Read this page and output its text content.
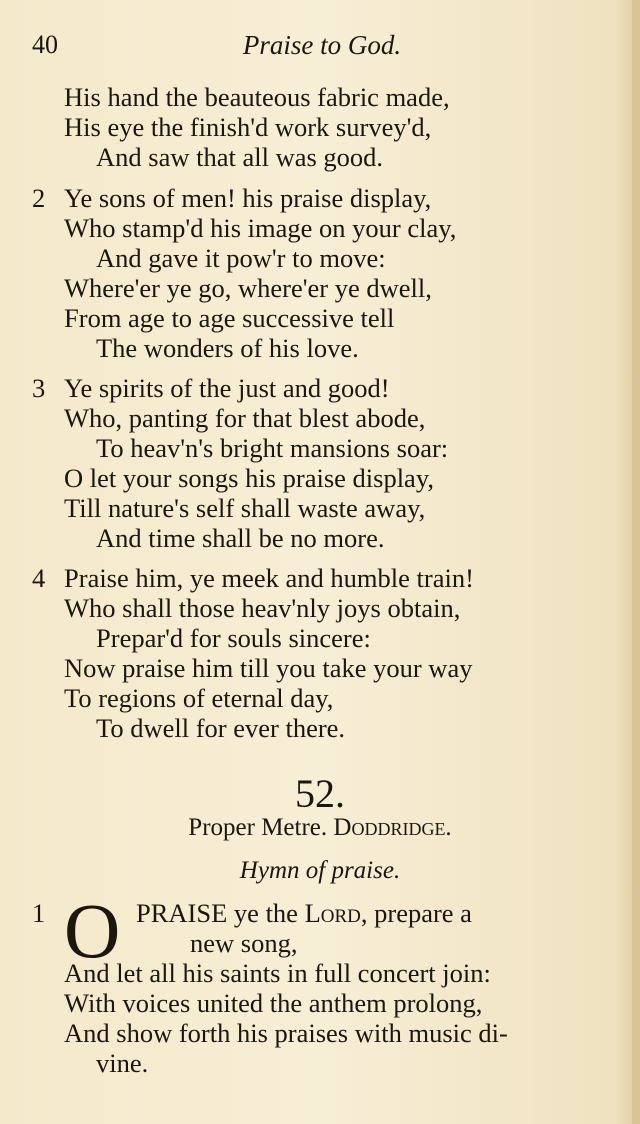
40	Praise to God.
His hand the beauteous fabric made,
His eye the finish'd work survey'd,
And saw that all was good.
2 Ye sons of men! his praise display,
Who stamp'd his image on your clay,
And gave it pow'r to move:
Where'er ye go, where'er ye dwell,
From age to age successive tell
The wonders of his love.
3 Ye spirits of the just and good!
Who, panting for that blest abode,
To heav'n's bright mansions soar:
O let your songs his praise display,
Till nature's self shall waste away,
And time shall be no more.
4 Praise him, ye meek and humble train!
Who shall those heav'nly joys obtain,
Prepar'd for souls sincere:
Now praise him till you take your way
To regions of eternal day,
To dwell for ever there.
52.
Proper Metre. Doddridge.
Hymn of praise.
1 O PRAISE ye the Lord, prepare a
new song,
And let all his saints in full concert join:
With voices united the anthem prolong,
And show forth his praises with music di-
vine.
